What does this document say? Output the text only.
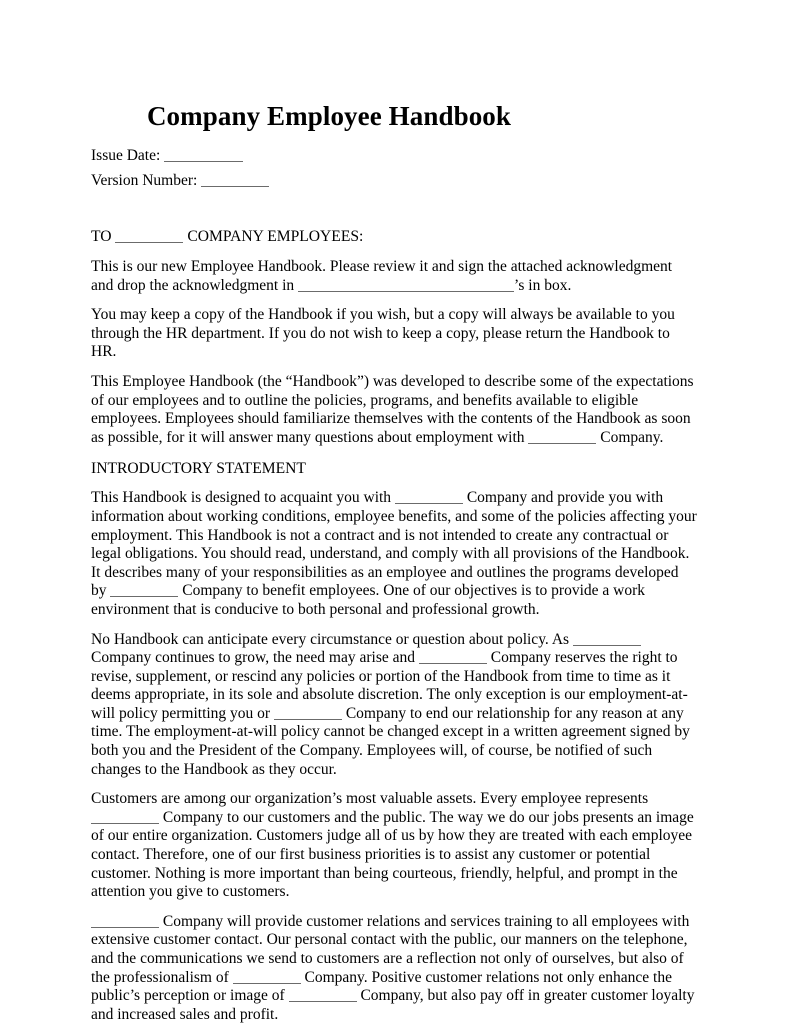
Company Employee Handbook

Issue Date:

Version Number:

TO	COMPANY EMPLOYEES:

This is our new Employee Handbook. Please review it and sign the attached acknowledgment and drop the acknowledgment in	’s in box.

You may keep a copy of the Handbook if you wish, but a copy will always be available to you through the HR department. If you do not wish to keep a copy, please return the Handbook to HR.

This Employee Handbook (the “Handbook”) was developed to describe some of the expectations of our employees and to outline the policies, programs, and benefits available to eligible employees. Employees should familiarize themselves with the contents of the Handbook as soon as possible, for it will answer many questions about employment with	Company.

INTRODUCTORY STATEMENT

This Handbook is designed to acquaint you with	Company and provide you with information about working conditions, employee benefits, and some of the policies affecting your employment. This Handbook is not a contract and is not intended to create any contractual or legal obligations. You should read, understand, and comply with all provisions of the Handbook. It describes many of your responsibilities as an employee and outlines the programs developed by	Company to benefit employees. One of our objectives is to provide a work environment that is conducive to both personal and professional growth.

No Handbook can anticipate every circumstance or question about policy. As  Company continues to grow, the need may arise and	Company reserves the right to revise, supplement, or rescind any policies or portion of the Handbook from time to time as it deems appropriate, in its sole and absolute discretion. The only exception is our employment-at-will policy permitting you or	Company to end our relationship for any reason at any time. The employment-at-will policy cannot be changed except in a written agreement signed by both you and the President of the Company. Employees will, of course, be notified of such changes to the Handbook as they occur.

Customers are among our organization’s most valuable assets. Every employee represents  Company to our customers and the public. The way we do our jobs presents an image of our entire organization. Customers judge all of us by how they are treated with each employee contact. Therefore, one of our first business priorities is to assist any customer or potential customer. Nothing is more important than being courteous, friendly, helpful, and prompt in the attention you give to customers.

Company will provide customer relations and services training to all employees with extensive customer contact. Our personal contact with the public, our manners on the telephone, and the communications we send to customers are a reflection not only of ourselves, but also of the professionalism of	Company. Positive customer relations not only enhance the public’s perception or image of	Company, but also pay off in greater customer loyalty and increased sales and profit.
